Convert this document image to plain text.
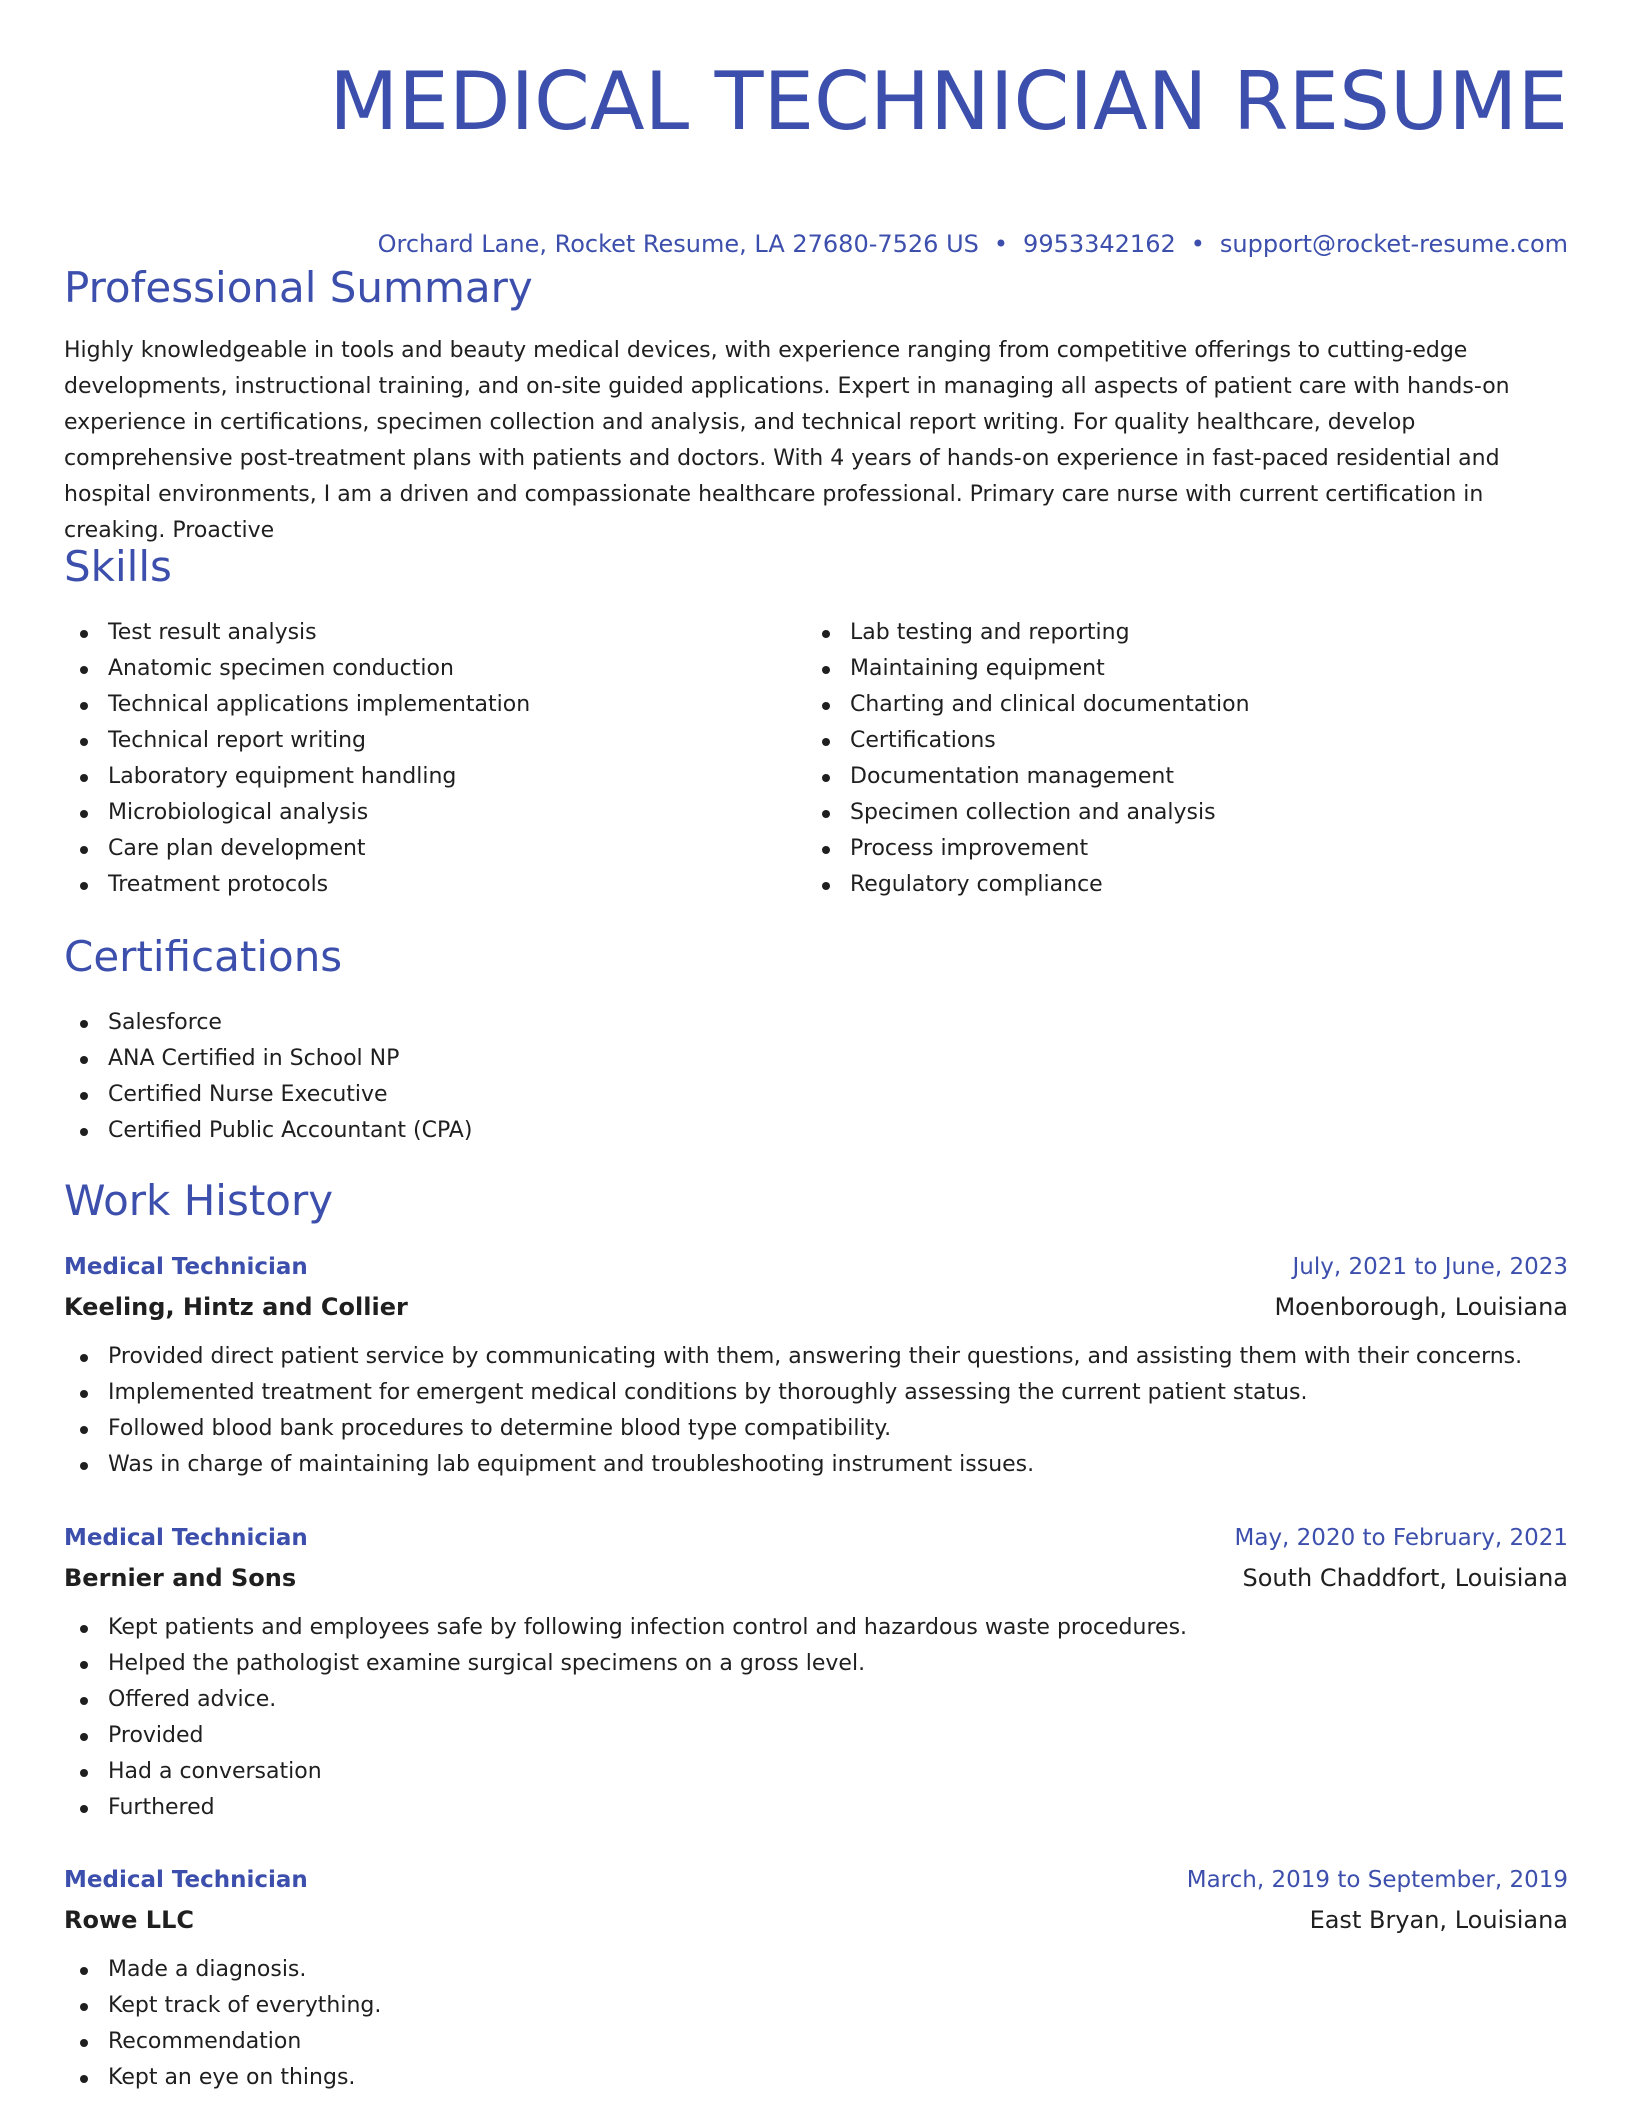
MEDICAL TECHNICIAN RESUME
Orchard Lane, Rocket Resume, LA 27680-7526 US • 9953342162 • support@rocket-resume.com
Professional Summary

Highly knowledgeable in tools and beauty medical devices, with experience ranging from competitive offerings to cutting-edge developments, instructional training, and on-site guided applications. Expert in managing all aspects of patient care with hands-on experience in certifications, specimen collection and analysis, and technical report writing. For quality healthcare, develop comprehensive post-treatment plans with patients and doctors. With 4 years of hands-on experience in fast-paced residential and hospital environments, I am a driven and compassionate healthcare professional. Primary care nurse with current certification in creaking. Proactive

Skills
Test result analysis
Anatomic specimen conduction
Technical applications implementation
Technical report writing
Laboratory equipment handling
Microbiological analysis
Care plan development
Treatment protocols
Lab testing and reporting
Maintaining equipment
Charting and clinical documentation
Certifications
Documentation management
Specimen collection and analysis
Process improvement
Regulatory compliance
Certifications
Salesforce
ANA Certified in School NP
Certified Nurse Executive
Certified Public Accountant (CPA)
Work History
Medical Technician	July, 2021 to June, 2023
Keeling, Hintz and Collier	Moenborough, Louisiana
Provided direct patient service by communicating with them, answering their questions, and assisting them with their concerns.
Implemented treatment for emergent medical conditions by thoroughly assessing the current patient status.
Followed blood bank procedures to determine blood type compatibility.
Was in charge of maintaining lab equipment and troubleshooting instrument issues.
Medical Technician	May, 2020 to February, 2021
Bernier and Sons	South Chaddfort, Louisiana
Kept patients and employees safe by following infection control and hazardous waste procedures.
Helped the pathologist examine surgical specimens on a gross level.
Offered advice.
Provided
Had a conversation
Furthered
Medical Technician	March, 2019 to September, 2019
Rowe LLC	East Bryan, Louisiana
Made a diagnosis.
Kept track of everything.
Recommendation
Kept an eye on things.
